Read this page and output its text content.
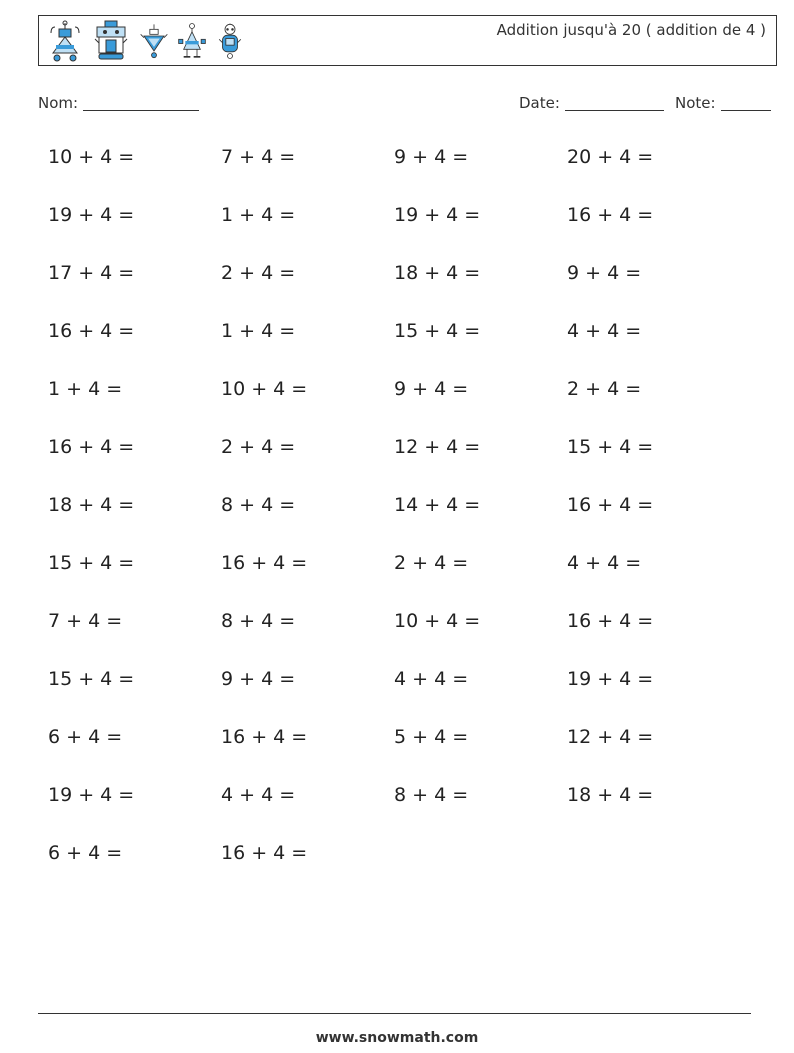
Addition jusqu'à 20 ( addition de 4 )
Nom:	Date:	Note:
10 + 4 =	7 + 4 =	9 + 4 =	20 + 4 =
19 + 4 =	1 + 4 =	19 + 4 =	16 + 4 =
17 + 4 =	2 + 4 =	18 + 4 =	9 + 4 =
16 + 4 =	1 + 4 =	15 + 4 =	4 + 4 =
1 + 4 =	10 + 4 =	9 + 4 =	2 + 4 =
16 + 4 =	2 + 4 =	12 + 4 =	15 + 4 =
18 + 4 =	8 + 4 =	14 + 4 =	16 + 4 =
15 + 4 =	16 + 4 =	2 + 4 =	4 + 4 =
7 + 4 =	8 + 4 =	10 + 4 =	16 + 4 =
15 + 4 =	9 + 4 =	4 + 4 =	19 + 4 =
6 + 4 =	16 + 4 =	5 + 4 =	12 + 4 =
19 + 4 =	4 + 4 =	8 + 4 =	18 + 4 =
6 + 4 =	16 + 4 =
www.snowmath.com
